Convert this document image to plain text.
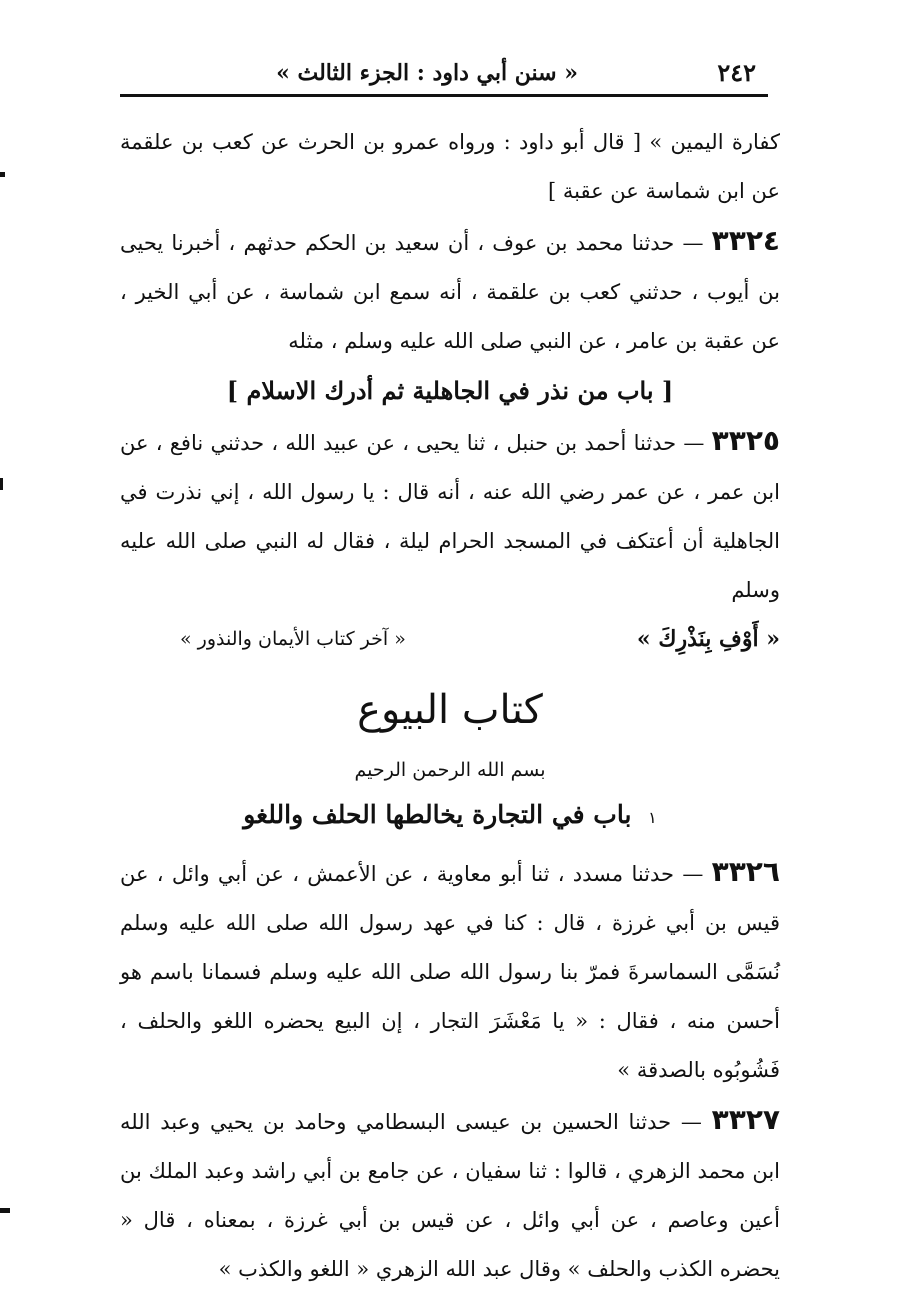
٢٤٢
« سنن أبي داود : الجزء الثالث »

كفارة اليمين » [ قال أبو داود : ورواه عمرو بن الحرث عن كعب بن علقمة عن ابن شماسة عن عقبة ]

٣٣٢٤ — حدثنا محمد بن عوف ، أن سعيد بن الحكم حدثهم ، أخبرنا يحيى بن أيوب ، حدثني كعب بن علقمة ، أنه سمع ابن شماسة ، عن أبي الخير ، عن عقبة بن عامر ، عن النبي صلى الله عليه وسلم ، مثله

[ باب من نذر في الجاهلية ثم أدرك الاسلام ]

٣٣٢٥ — حدثنا أحمد بن حنبل ، ثنا يحيى ، عن عبيد الله ، حدثني نافع ، عن ابن عمر ، عن عمر رضي الله عنه ، أنه قال : يا رسول الله ، إني نذرت في الجاهلية أن أعتكف في المسجد الحرام ليلة ، فقال له النبي صلى الله عليه وسلم

« أَوْفِ بِنَذْرِكَ »
« آخر كتاب الأيمان والنذور »
كتاب البيوع
بسم الله الرحمن الرحيم
١ باب في التجارة يخالطها الحلف واللغو

٣٣٢٦ — حدثنا مسدد ، ثنا أبو معاوية ، عن الأعمش ، عن أبي وائل ، عن قيس بن أبي غرزة ، قال : كنا في عهد رسول الله صلى الله عليه وسلم نُسَمَّى السماسرةَ فمرّ بنا رسول الله صلى الله عليه وسلم فسمانا باسم هو أحسن منه ، فقال : « يا مَعْشَرَ التجار ، إن البيع يحضره اللغو والحلف ، فَشُوبُوه بالصدقة »

٣٣٢٧ — حدثنا الحسين بن عيسى البسطامي وحامد بن يحيي وعبد الله ابن محمد الزهري ، قالوا : ثنا سفيان ، عن جامع بن أبي راشد وعبد الملك بن أعين وعاصم ، عن أبي وائل ، عن قيس بن أبي غرزة ، بمعناه ، قال « يحضره الكذب والحلف » وقال عبد الله الزهري « اللغو والكذب »
